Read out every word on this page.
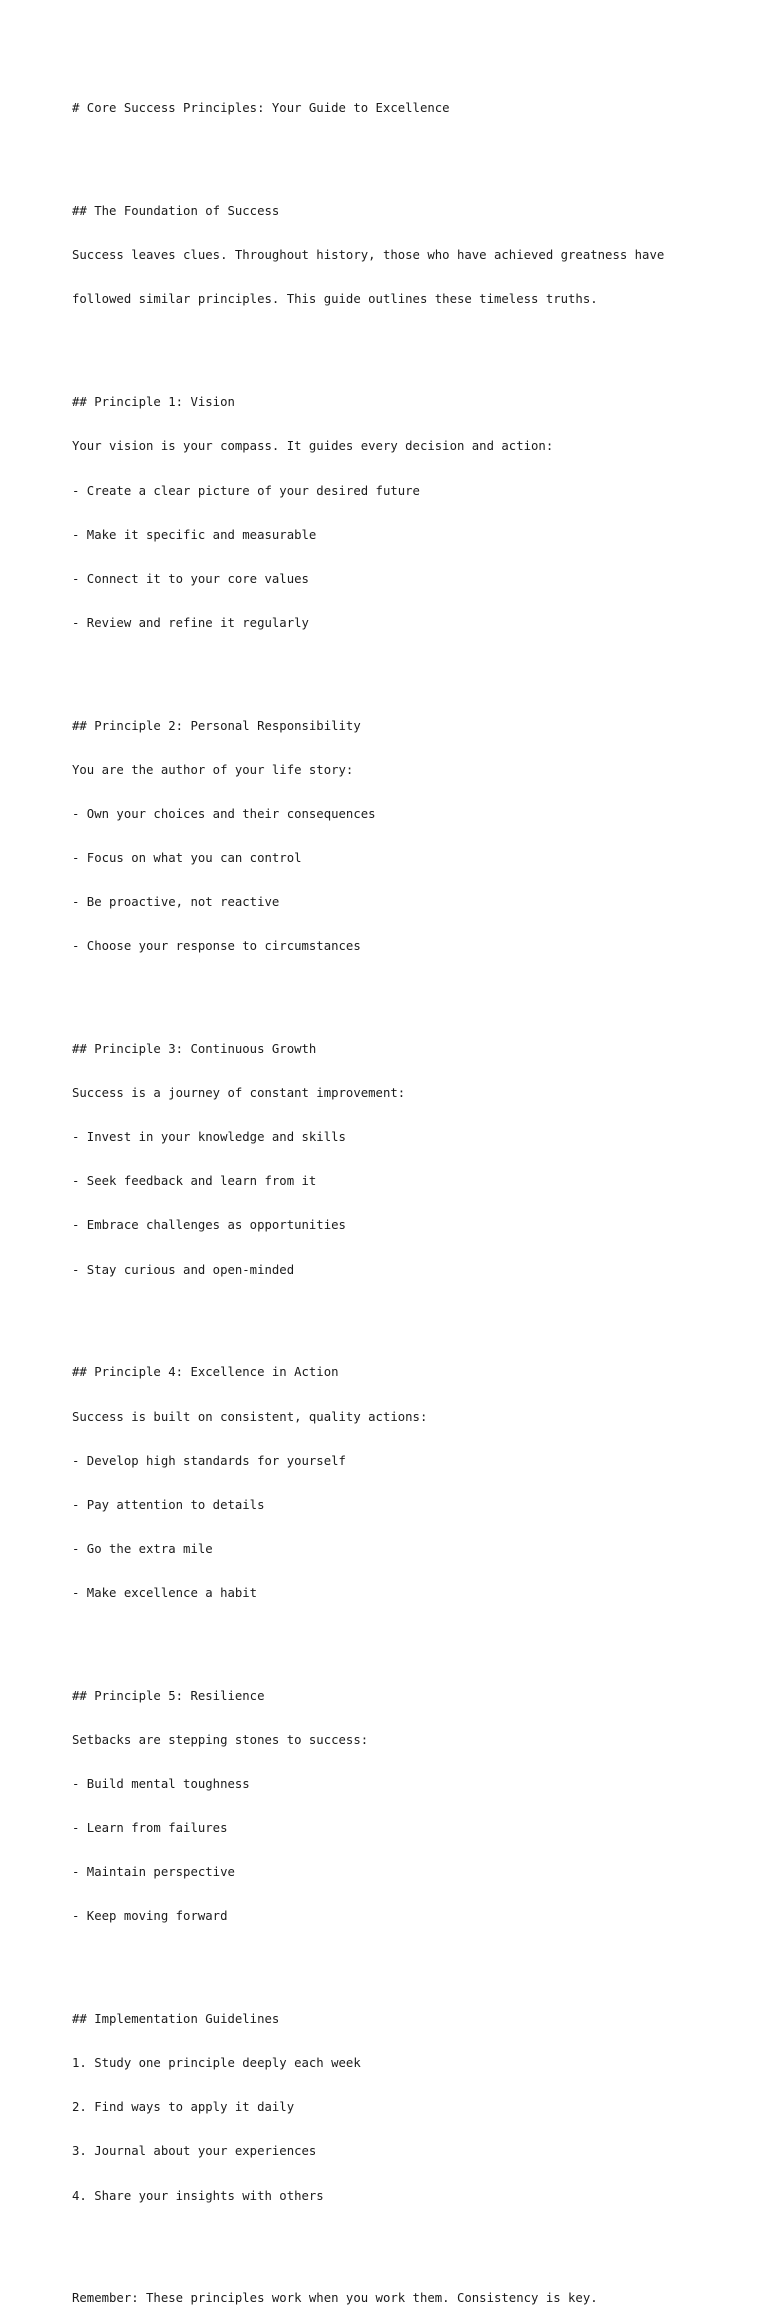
# Core Success Principles: Your Guide to Excellence

## The Foundation of Success

Success leaves clues. Throughout history, those who have achieved greatness have

followed similar principles. This guide outlines these timeless truths.

## Principle 1: Vision

Your vision is your compass. It guides every decision and action:

- Create a clear picture of your desired future

- Make it specific and measurable

- Connect it to your core values

- Review and refine it regularly

## Principle 2: Personal Responsibility

You are the author of your life story:

- Own your choices and their consequences

- Focus on what you can control

- Be proactive, not reactive

- Choose your response to circumstances

## Principle 3: Continuous Growth

Success is a journey of constant improvement:

- Invest in your knowledge and skills

- Seek feedback and learn from it

- Embrace challenges as opportunities

- Stay curious and open-minded

## Principle 4: Excellence in Action

Success is built on consistent, quality actions:

- Develop high standards for yourself

- Pay attention to details

- Go the extra mile

- Make excellence a habit

## Principle 5: Resilience

Setbacks are stepping stones to success:

- Build mental toughness

- Learn from failures

- Maintain perspective

- Keep moving forward

## Implementation Guidelines

1. Study one principle deeply each week

2. Find ways to apply it daily

3. Journal about your experiences

4. Share your insights with others

Remember: These principles work when you work them. Consistency is key.
